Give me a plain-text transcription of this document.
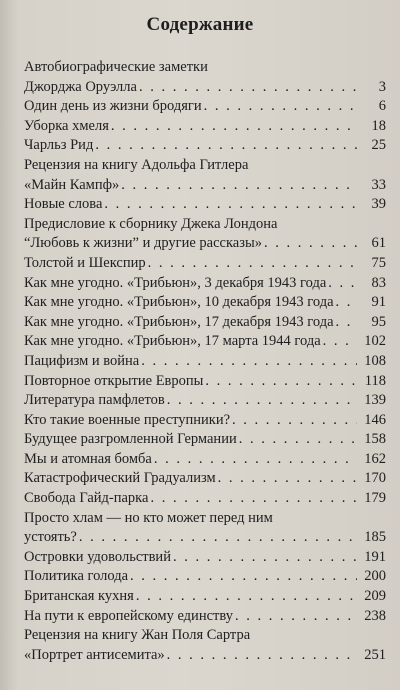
Содержание
Автобиографические заметки
Джорджа Оруэлла . . .	3
Один день из жизни бродяги . . .	6
Уборка хмеля . . .	18
Чарльз Рид . . .	25
Рецензия на книгу Адольфа Гитлера
«Майн Кампф» . . .	33
Новые слова . . .	39
Предисловие к сборнику Джека Лондона
“Любовь к жизни” и другие рассказы» . . .	61
Толстой и Шекспир . . .	75
Как мне угодно. «Трибьюн», 3 декабря 1943 года . . .	83
Как мне угодно. «Трибьюн», 10 декабря 1943 года . . .	91
Как мне угодно. «Трибьюн», 17 декабря 1943 года . . .	95
Как мне угодно. «Трибьюн», 17 марта 1944 года . . .	102
Пацифизм и война . . .	108
Повторное открытие Европы . . .	118
Литература памфлетов . . .	139
Кто такие военные преступники? . . .	146
Будущее разгромленной Германии . . .	158
Мы и атомная бомба . . .	162
Катастрофический Градуализм . . .	170
Свобода Гайд-парка . . .	179
Просто хлам — но кто может перед ним
устоять? . . .	185
Островки удовольствий . . .	191
Политика голода . . .	200
Британская кухня . . .	209
На пути к европейскому единству . . .	238
Рецензия на книгу Жан Поля Сартра
«Портрет антисемита» . . .	251
